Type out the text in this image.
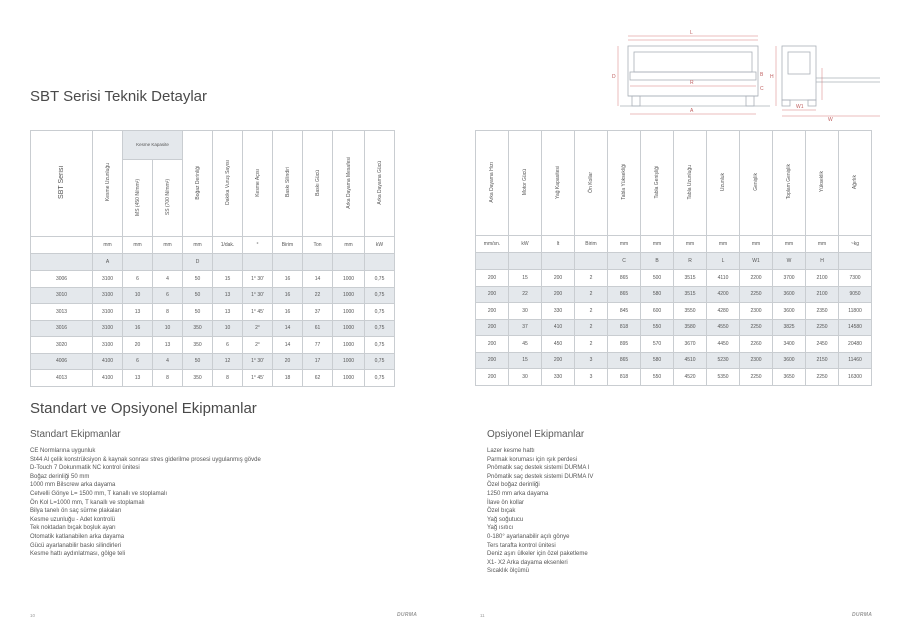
SBT Serisi Teknik Detaylar
L
R
A
B
C
D	H
W
W1
SBT Serisi	Kesme Uzunluğu	Kesme Kapasite		Boğaz Derinliği	Dakika Vuruş Sayısı	Kesme Açısı	Baskı Silindiri	Baskı Gücü	Arka Dayama Mesafesi	Arka Dayama Gücü
		MS (450 N/mm²)	SS (700 N/mm²)							
	mm	mm	mm	mm	1/dak.	°	Birim	Ton	mm	kW
	A			D						
3006	3100	6	4	50	15	1° 30'	16	14	1000	0,75
3010	3100	10	6	50	13	1° 30'	16	22	1000	0,75
3013	3100	13	8	50	13	1° 45'	16	37	1000	0,75
3016	3100	16	10	350	10	2°	14	61	1000	0,75
3020	3100	20	13	350	6	2°	14	77	1000	0,75
4006	4100	6	4	50	12	1° 30'	20	17	1000	0,75
4013	4100	13	8	350	8	1° 45'	18	62	1000	0,75
Arka Dayama Hızı	Motor Gücü	Yağ Kapasitesi	Ön Kollar	Tabla Yüksekliği	Tabla Genişliği	Tabla Uzunluğu	Uzunluk	Genişlik	Toplam Genişlik	Yükseklik	Ağırlık
mm/sn.	kW	lt	Birim	mm	mm	mm	mm	mm	mm	mm	~kg
				C	B	R	L	W1	W	H	
200	15	200	2	865	500	3515	4110	2200	3700	2100	7300
200	22	200	2	865	580	3515	4200	2250	3600	2100	9050
200	30	330	2	845	600	3550	4280	2300	3600	2350	11800
200	37	410	2	818	550	3580	4550	2250	3825	2250	14580
200	45	450	2	895	570	3670	4450	2260	3400	2450	20480
200	15	200	3	865	580	4510	5230	2300	3600	2150	11460
200	30	330	3	818	550	4520	5350	2250	3650	2250	16300
Standart ve Opsiyonel Ekipmanlar
Standart Ekipmanlar
CE Normlarına uygunluk
St44 Al çelik konstrüksiyon & kaynak sonrası stres giderilme prosesi uygulanmış gövde
D-Touch 7 Dokunmatik NC kontrol ünitesi
Boğaz derinliği 50 mm
1000 mm Bilscrew arka dayama
Cetvelli Gönye L= 1500 mm, T kanallı ve stoplamalı
Ön Kol L=1000 mm, T kanallı ve stoplamalı
Bilya tanelı ön saç sürme plakaları
Kesme uzunluğu - Adet kontrolü
Tek noktadan bıçak boşluk ayarı
Otomatik katlanabilen arka dayama
Gücü ayarlanabilir baskı silindirleri
Kesme hattı aydınlatması, gölge teli
Opsiyonel Ekipmanlar
Lazer kesme hattı
Parmak koruması için ışık perdesi
Pnömatik saç destek sistemi DURMA I
Pnömatik saç destek sistemi DURMA IV
Özel boğaz derinliği
1250 mm arka dayama
İlave ön kollar
Özel bıçak
Yağ soğutucu
Yağ ısıtıcı
0-180° ayarlanabilir açılı gönye
Ters tarafta kontrol ünitesi
Deniz aşırı ülkeler için özel paketleme
X1- X2 Arka dayama eksenleri
Sıcaklık ölçümü
10	DURMA	11	DURMA
